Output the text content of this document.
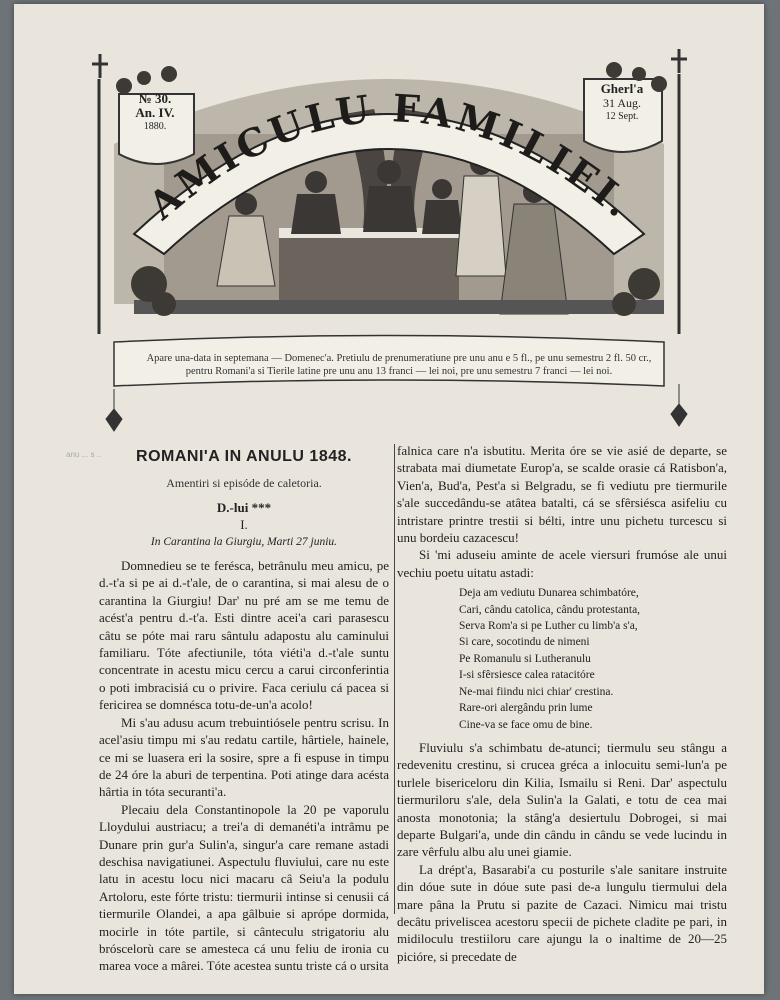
AMICULU FAMILIEI.
№ 30.
An. IV.
1880.
Gherl'a
31 Aug.
12 Sept.
Apare una-data in septemana — Domenec'a. Pretiulu de prenumeratiune pre unu anu e 5 fl., pe unu semestru 2 fl. 50 cr.,
pentru Romani'a si Tierile latine pre unu anu 13 franci — lei noi, pre unu semestru 7 franci — lei noi.
anu ... s ..	ROMANI'A IN ANULU 1848.
Amentiri si episóde de caletoria.
D.-lui ***
I.
In Carantina la Giurgiu, Marti 27 juniu.

Domnedieu se te ferésca, betrânulu meu amicu, pe d.-t'a si pe ai d.-t'ale, de o carantina, si mai alesu de o carantina la Giurgiu! Dar' nu pré am se me temu de acést'a pentru d.-t'a. Esti dintre acei'a cari parasescu câtu se póte mai raru sântulu adapostu alu caminului familiaru. Tóte afectiunile, tóta viéti'a d.-t'ale suntu concentrate in acestu micu cercu a carui circonferintia o poti imbracisiá cu o privire. Faca ceriulu cá pacea si fericirea se domnésca totu-de-un'a acolo!

Mi s'au adusu acum trebuintiósele pentru scrisu. In acel'asiu timpu mi s'au redatu cartile, hârtiele, hainele, ce mi se luasera eri la sosire, spre a fi espuse in timpu de 24 óre la aburi de terpentina. Poti atinge dara acésta hârtia in tóta securanti'a.

Plecaiu dela Constantinopole la 20 pe vaporulu Lloydului austriacu; a trei'a di demanéti'a intrâmu pe Dunare prin gur'a Sulin'a, singur'a care remane astadi deschisa navigatiunei. Aspectulu fluviului, care nu este latu in acestu locu nici macaru câ Seiu'a la podulu Artoloru, este fórte tristu: tiermurii intinse si cenusii cá tiermurile Olandei, a apa gâlbuie si aprópe dormida, mocirle in tóte partile, si cânteculu strigatoriu alu bróscelorù care se amesteca cá unu feliu de ironia cu marea voce a mârei. Tóte acestea suntu triste cá o ursita

falnica care n'a isbutitu. Merita óre se vie asié de departe, se strabata mai diumetate Europ'a, se scalde orasie cá Ratisbon'a, Vien'a, Bud'a, Pest'a si Belgradu, se fi vediutu pre tiermurile s'ale succedându-se atâtea batalti, cá se sfêrsiésca asifeliu cu intristare printre trestii si bélti, intre unu pichetu turcescu si unu bordeiu cazacescu!

Si 'mi aduseiu aminte de acele viersuri frumóse ale unui vechiu poetu uitatu astadi:

Deja am vediutu Dunarea schimbatóre,
Cari, cându catolica, cându protestanta,
Serva Rom'a si pe Luther cu limb'a s'a,
Si care, socotindu de nimeni
Pe Romanulu si Lutheranulu
I-si sfêrsiesce calea ratacitóre
Ne-mai fiindu nici chiar' crestina.
Rare-ori alergându prin lume
Cine-va se face omu de bine.

Fluviulu s'a schimbatu de-atunci; tiermulu seu stângu a redevenitu crestinu, si crucea gréca a inlocuitu semi-lun'a pe turlele bisericeloru din Kilia, Ismailu si Reni. Dar' aspectulu tiermuriloru s'ale, dela Sulin'a la Galati, e totu de cea mai anosta monotonia; la stâng'a desiertulu Dobrogei, si mai departe Bulgari'a, unde din cându in cându se vede lucindu in zare vêrfulu albu alu unei giamie.

La drépt'a, Basarabi'a cu posturile s'ale sanitare instruite din dóue sute in dóue sute pasi de-a lungulu tiermului dela mare pâna la Prutu si pazite de Cazaci. Nimicu mai tristu decâtu priveliscea acestoru specii de pichete cladite pe pari, in midiloculu trestiiloru care ajungu la o inaltime de 20—25 picióre, si precedate de
